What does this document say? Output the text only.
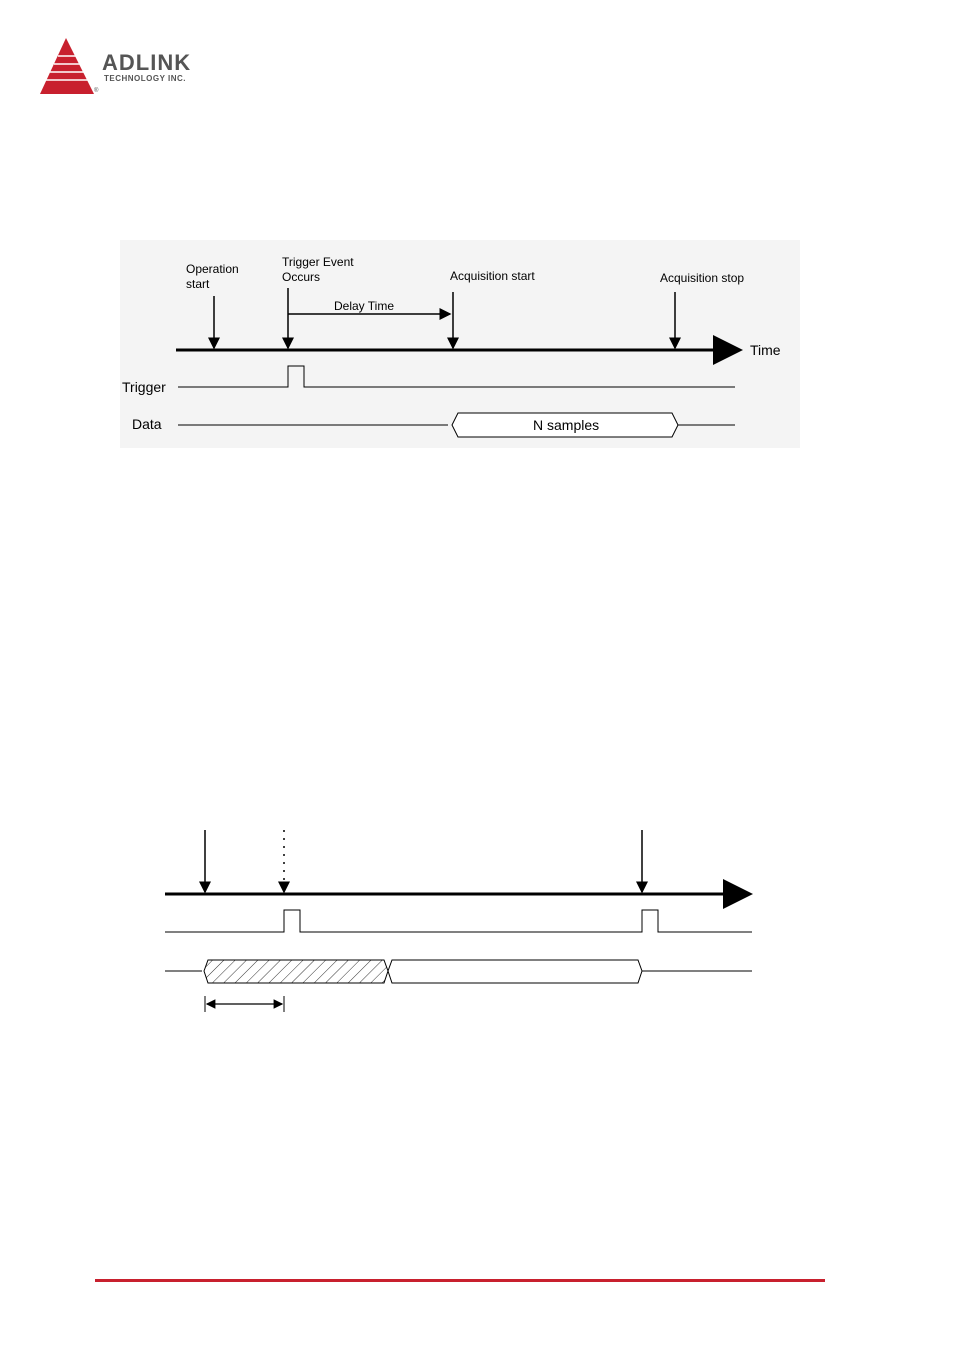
ADLINK
TECHNOLOGY INC.
®
Time
Operation
start
Trigger Event
Occurs
Delay Time
Acquisition start	Acquisition stop
Trigger
Data	N samples
